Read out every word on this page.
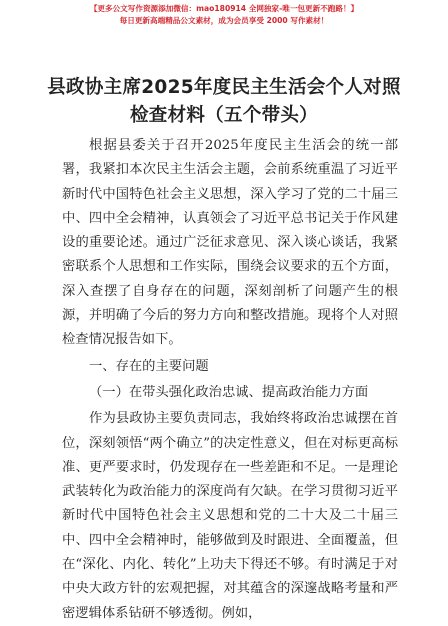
【更多公文写作资源添加微信：mao180914 全网独家-唯一包更新不跑路！】
每日更新高端精品公文素材，成为会员享受 2000 写作素材！
县政协主席2025年度民主生活会个人对照检查材料（五个带头）

根据县委关于召开2025年度民主生活会的统一部署，我紧扣本次民主生活会主题，会前系统重温了习近平新时代中国特色社会主义思想，深入学习了党的二十届三中、四中全会精神，认真领会了习近平总书记关于作风建设的重要论述。通过广泛征求意见、深入谈心谈话，我紧密联系个人思想和工作实际，围绕会议要求的五个方面，深入查摆了自身存在的问题，深刻剖析了问题产生的根源，并明确了今后的努力方向和整改措施。现将个人对照检查情况报告如下。

一、存在的主要问题

（一）在带头强化政治忠诚、提高政治能力方面

作为县政协主要负责同志，我始终将政治忠诚摆在首位，深刻领悟“两个确立”的决定性意义，但在对标更高标准、更严要求时，仍发现存在一些差距和不足。一是理论武装转化为政治能力的深度尚有欠缺。在学习贯彻习近平新时代中国特色社会主义思想和党的二十大及二十届三中、四中全会精神时，能够做到及时跟进、全面覆盖，但在“深化、内化、转化”上功夫下得还不够。有时满足于对中央大政方针的宏观把握，对其蕴含的深邃战略考量和严密逻辑体系钻研不够透彻。例如，
